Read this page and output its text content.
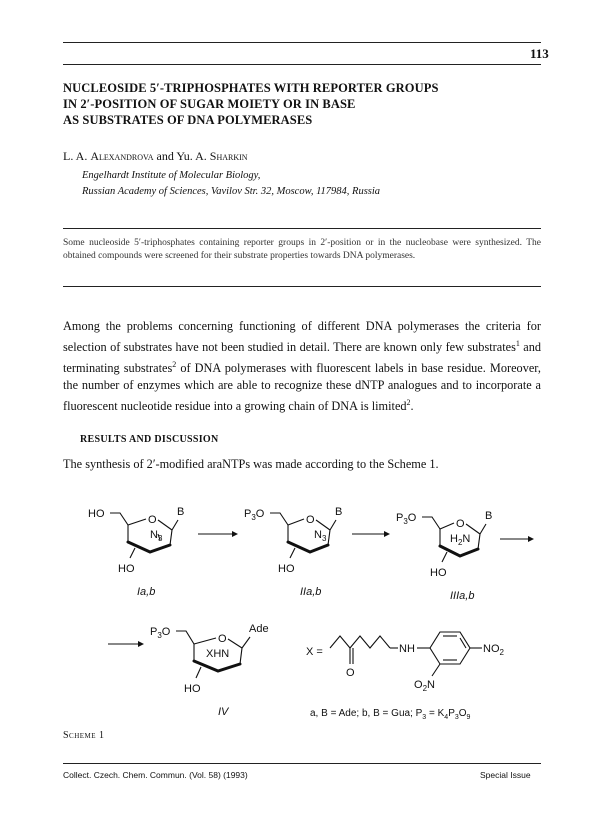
113
NUCLEOSIDE 5′-TRIPHOSPHATES WITH REPORTER GROUPS
IN 2′-POSITION OF SUGAR MOIETY OR IN BASE
AS SUBSTRATES OF DNA POLYMERASES
L. A. Alexandrova and Yu. A. Sharkin
Engelhardt Institute of Molecular Biology,
Russian Academy of Sciences, Vavilov Str. 32, Moscow, 117984, Russia
Some nucleoside 5′-triphosphates containing reporter groups in 2′-position or in the nucleobase were synthesized. The obtained compounds were screened for their substrate properties towards DNA polymerases.
Among the problems concerning functioning of different DNA polymerases the criteria for selection of substrates have not been studied in detail. There are known only few substrates$^1$ and terminating substrates$^2$ of DNA polymerases with fluorescent labels in base residue. Moreover, the number of enzymes which are able to recognize these dNTP analogues and to incorporate a fluorescent nucleotide residue into a growing chain of DNA is limited$^2$.
RESULTS AND DISCUSSION
The synthesis of 2′-modified araNTPs was made according to the Scheme 1.
HO	O
B
$N_3$
HO
Ia,b
$P_3O$	O
B
$N_3$
HO
IIa,b
$P_3O$	O
B
$H_2N$
HO
IIIa,b
$P_3O$
O
Ade
XHN
HO
IV
X =
O
NH	$NO_2$
$O_2N$
a, B = Ade; b, B = Gua; $P_3 = K_4P_3O_9$
Scheme 1
Collect. Czech. Chem. Commun. (Vol. 58) (1993)	Special Issue
